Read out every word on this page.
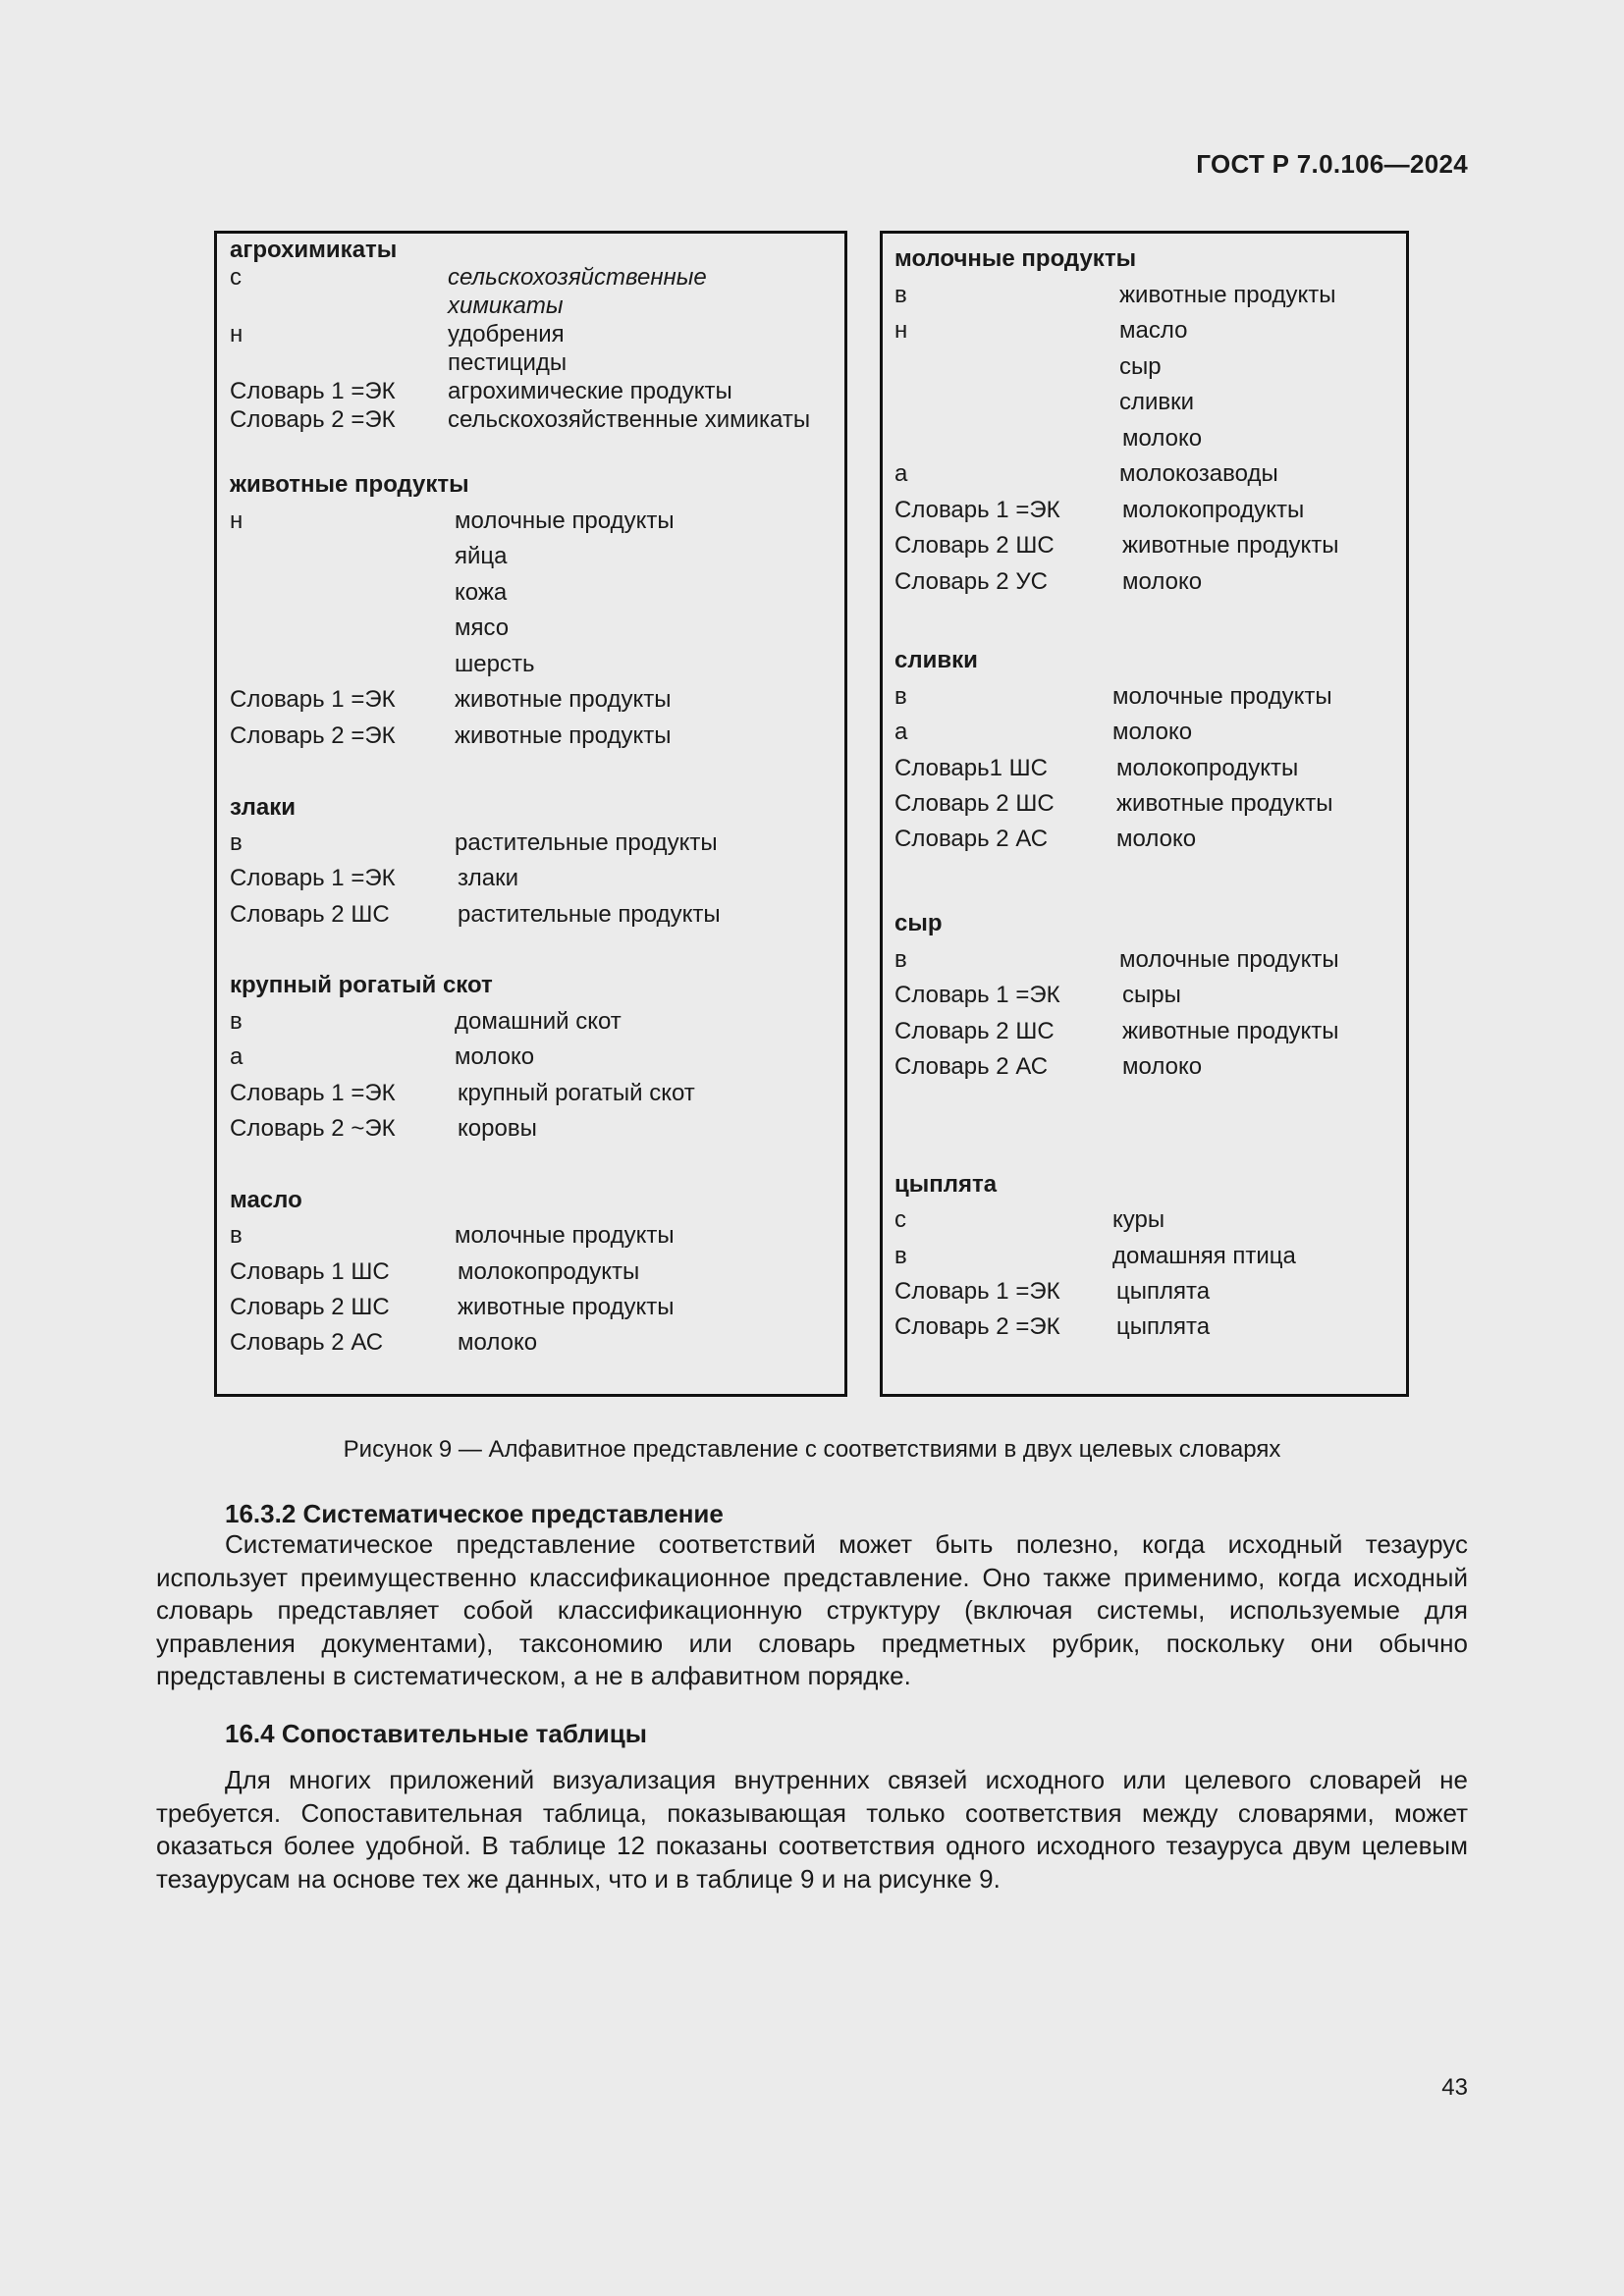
ГОСТ Р 7.0.106—2024
агрохимикаты
с	сельскохозяйственные
химикаты
н	удобрения
пестициды
Словарь 1 =ЭК агрохимические продукты
Словарь 2 =ЭК сельскохозяйственные химикаты
животные продукты
н	молочные продукты
яйца
кожа
мясо
шерсть
Словарь 1 =ЭК	животные продукты
Словарь 2 =ЭК	животные продукты
злаки
в	растительные продукты
Словарь 1 =ЭК	злаки
Словарь 2 ШС	растительные продукты
крупный рогатый скот
в	домашний скот
а	молоко
Словарь 1 =ЭК	крупный рогатый скот
Словарь 2 ~ЭК	коровы
масло
в	молочные продукты
Словарь 1 ШС	молокопродукты
Словарь 2 ШС	животные продукты
Словарь 2 АС	молоко
молочные продукты
в	животные продукты
н	масло
сыр
сливки
молоко
а	молокозаводы
Словарь 1 =ЭК	молокопродукты
Словарь 2 ШС	животные продукты
Словарь 2 УС	молоко
сливки
в	молочные продукты
а	молоко
Словарь1 ШС	молокопродукты
Словарь 2 ШС	животные продукты
Словарь 2 АС	молоко
сыр
в	молочные продукты
Словарь 1 =ЭК	сыры
Словарь 2 ШС	животные продукты
Словарь 2 АС	молоко
цыплята
с	куры
в	домашняя птица
Словарь 1 =ЭК цыплята
Словарь 2 =ЭК цыплята
Рисунок 9 — Алфавитное представление с соответствиями в двух целевых словарях
16.3.2 Систематическое представление
Систематическое представление соответствий может быть полезно, когда исходный тезаурус использует преимущественно классификационное представление. Оно также применимо, когда исходный словарь представляет собой классификационную структуру (включая системы, используемые для управления документами), таксономию или словарь предметных рубрик, поскольку они обычно представлены в систематическом, а не в алфавитном порядке.
16.4 Сопоставительные таблицы
Для многих приложений визуализация внутренних связей исходного или целевого словарей не требуется. Сопоставительная таблица, показывающая только соответствия между словарями, может оказаться более удобной. В таблице 12 показаны соответствия одного исходного тезауруса двум целевым тезаурусам на основе тех же данных, что и в таблице 9 и на рисунке 9.
43
